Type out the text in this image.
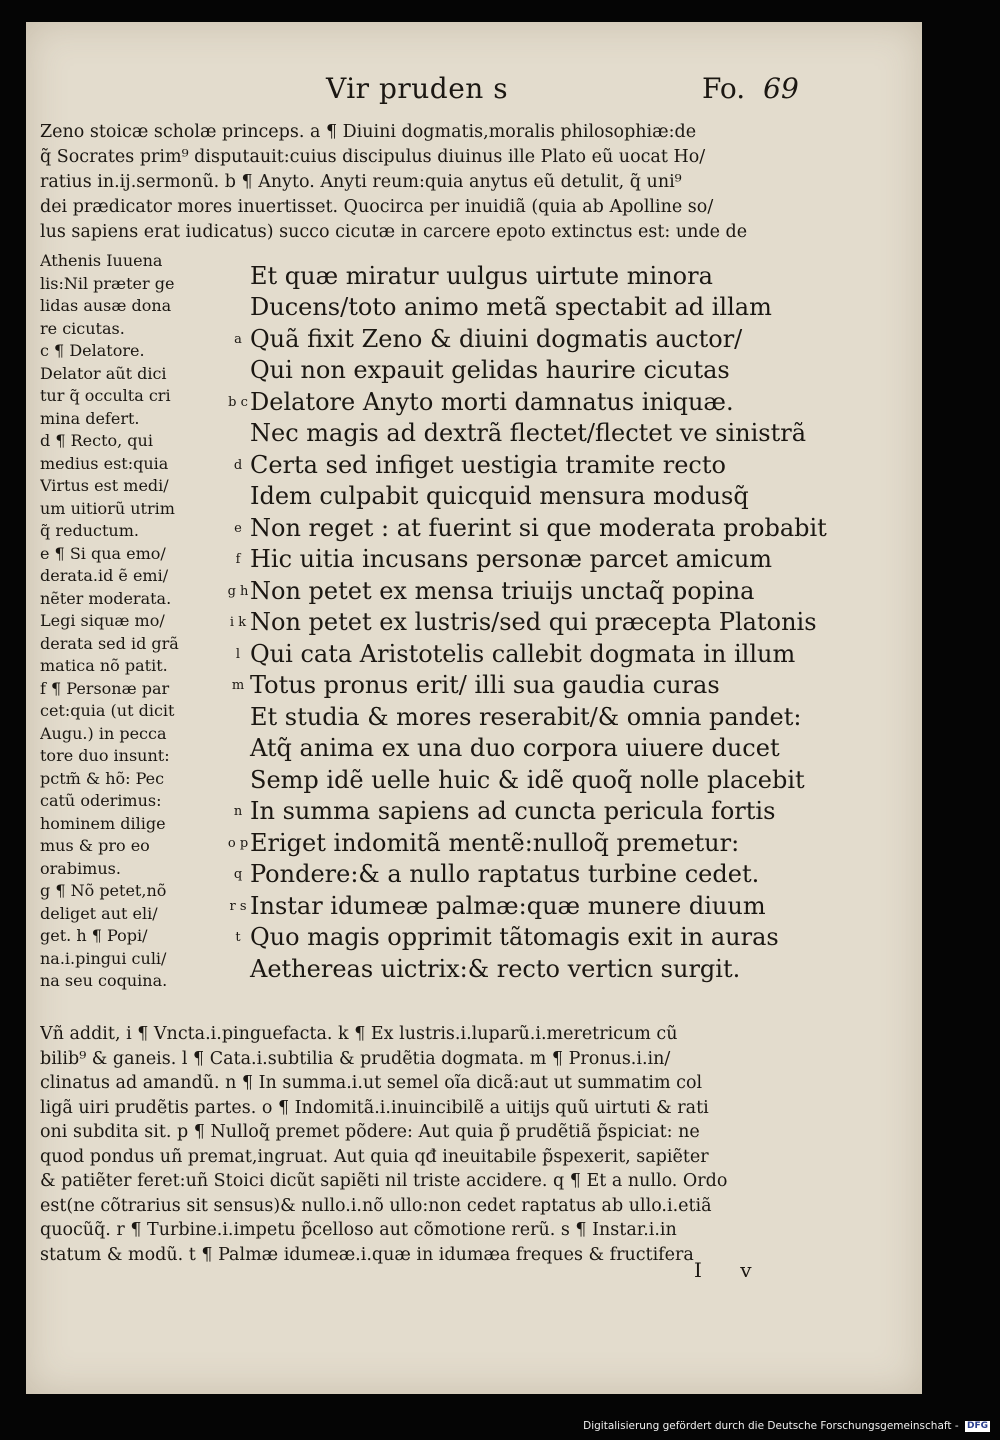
Vir pruden s	Fo. 69
Zeno stoicæ scholæ princeps. a ¶ Diuini dogmatis,moralis philosophiæ:de
q̃ Socrates prim⁹ disputauit:cuius discipulus diuinus ille Plato eũ uocat Ho/
ratius in.ij.sermonũ. b ¶ Anyto. Anyti reum:quia anytus eũ detulit, q̃ uni⁹
dei prædicator mores inuertisset. Quocirca per inuidiã (quia ab Apolline so/
lus sapiens erat iudicatus) succo cicutæ in carcere epoto extinctus est: unde de
Athenis Iuuena
lis:Nil præter ge
lidas ausæ dona
re cicutas.
c ¶ Delatore.
Delator aũt dici
tur q̃ occulta cri
mina defert.
d ¶ Recto, qui
medius est:quia
Virtus est medi/
um uitiorũ utrim
q̃ reductum.
e ¶ Si qua emo/
derata.id ẽ emi/
nẽter moderata.
Legi siquæ mo/
derata sed id grã
matica nõ patit.
f ¶ Personæ par
cet:quia (ut dicit
Augu.) in pecca
tore duo insunt:
pctm̃ & hõ: Pec
catũ oderimus:
hominem dilige
mus & pro eo
orabimus.
g ¶ Nõ petet,nõ
deliget aut eli/
get. h ¶ Popi/
na.i.pingui culi/
na seu coquina.
Et quæ miratur uulgus uirtute minora
Ducens/toto animo metã spectabit ad illam
a Quã fixit Zeno & diuini dogmatis auctor/
Qui non expauit gelidas haurire cicutas
b cDelatore Anyto morti damnatus iniquæ.
Nec magis ad dextrã flectet/flectet ve sinistrã
d Certa sed infiget uestigia tramite recto
Idem culpabit quicquid mensura modusq̃
e Non reget : at fuerint si que moderata probabit
f Hic uitia incusans personæ parcet amicum
g hNon petet ex mensa triuijs unctaq̃ popina
i k Non petet ex lustris/sed qui præcepta Platonis
l Qui cata Aristotelis callebit dogmata in illum
m Totus pronus erit/ illi sua gaudia curas
Et studia & mores reserabit/& omnia pandet:
Atq̃ anima ex una duo corpora uiuere ducet
Semp idẽ uelle huic & idẽ quoq̃ nolle placebit
n In summa sapiens ad cuncta pericula fortis
o pEriget indomitã mentẽ:nulloq̃ premetur:
q Pondere:& a nullo raptatus turbine cedet.
r s Instar idumeæ palmæ:quæ munere diuum
t Quo magis opprimit tãtomagis exit in auras
Aethereas uictrix:& recto verticn surgit.
Vñ addit, i ¶ Vncta.i.pinguefacta. k ¶ Ex lustris.i.luparũ.i.meretricum cũ
bilib⁹ & ganeis. l ¶ Cata.i.subtilia & prudẽtia dogmata. m ¶ Pronus.i.in/
clinatus ad amandũ. n ¶ In summa.i.ut semel oĩa dicã:aut ut summatim col
ligã uiri prudẽtis partes. o ¶ Indomitã.i.inuincibilẽ a uitijs quũ uirtuti & rati
oni subdita sit. p ¶ Nulloq̃ premet põdere: Aut quia p̃ prudẽtiã p̃spiciat: ne
quod pondus uñ premat,ingruat. Aut quia qđ ineuitabile p̃spexerit, sapiẽter
& patiẽter feret:uñ Stoici dicũt sapiẽti nil triste accidere. q ¶ Et a nullo. Ordo
est(ne cõtrarius sit sensus)& nullo.i.nõ ullo:non cedet raptatus ab ullo.i.etiã
quocũq̃. r ¶ Turbine.i.impetu p̃celloso aut cõmotione rerũ. s ¶ Instar.i.in
statum & modũ. t ¶ Palmæ idumeæ.i.quæ in idumæa freques & fructifera
I v
Digitalisierung gefördert durch die Deutsche Forschungsgemeinschaft - DFG
